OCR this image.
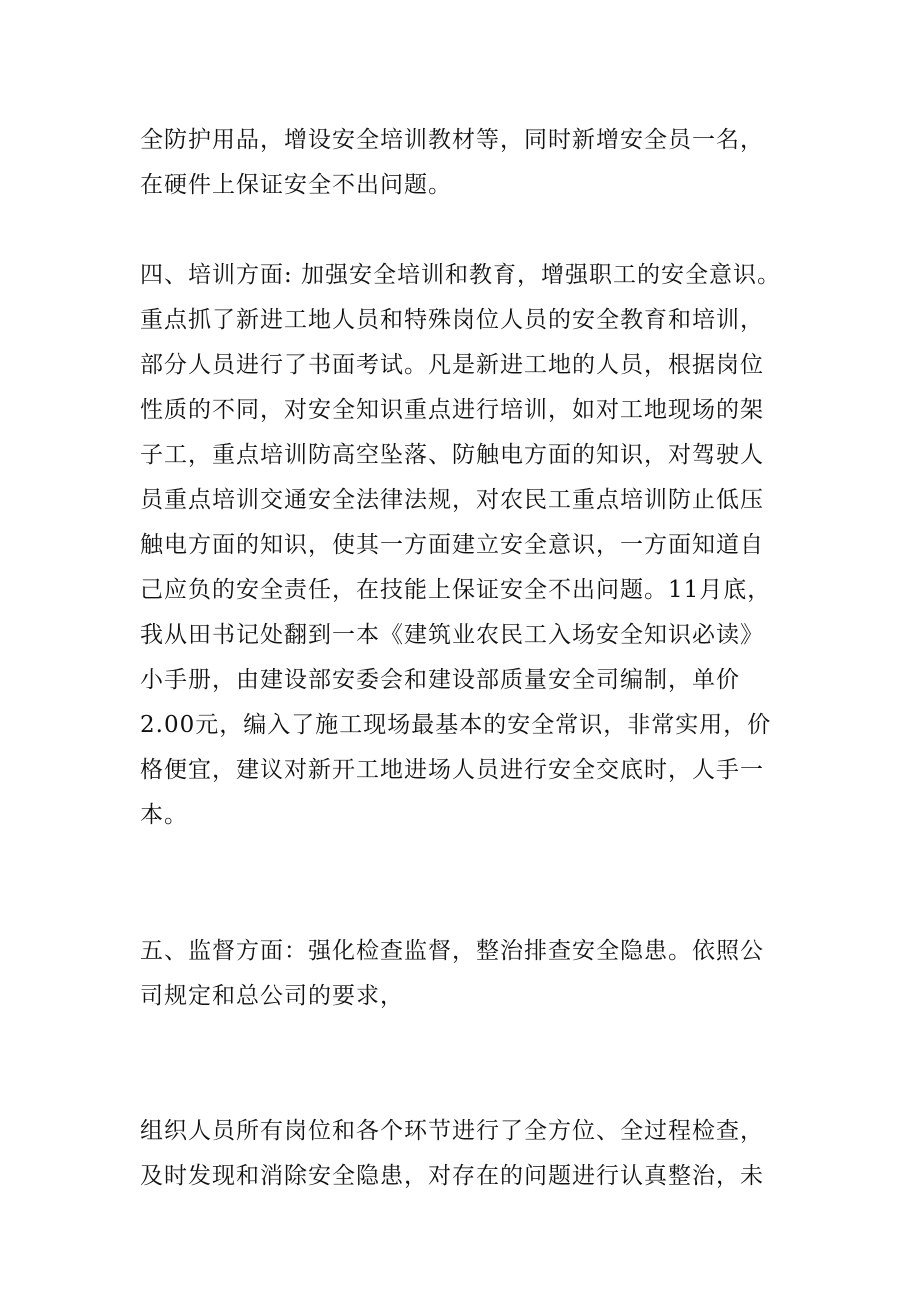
全防护用品，增设安全培训教材等，同时新增安全员一名，
在硬件上保证安全不出问题。
四、培训方面: 加强安全培训和教育，增强职工的安全意识。
重点抓了新进工地人员和特殊岗位人员的安全教育和培训，
部分人员进行了书面考试。凡是新进工地的人员，根据岗位
性质的不同，对安全知识重点进行培训，如对工地现场的架
子工，重点培训防高空坠落、防触电方面的知识，对驾驶人
员重点培训交通安全法律法规，对农民工重点培训防止低压
触电方面的知识，使其一方面建立安全意识，一方面知道自
己应负的安全责任，在技能上保证安全不出问题。11月底，
我从田书记处翻到一本《建筑业农民工入场安全知识必读》
小手册，由建设部安委会和建设部质量安全司编制，单价
2.00元，编入了施工现场最基本的安全常识，非常实用，价
格便宜，建议对新开工地进场人员进行安全交底时，人手一
本。
五、监督方面：强化检查监督，整治排查安全隐患。依照公
司规定和总公司的要求，
组织人员所有岗位和各个环节进行了全方位、全过程检查，
及时发现和消除安全隐患，对存在的问题进行认真整治，未
